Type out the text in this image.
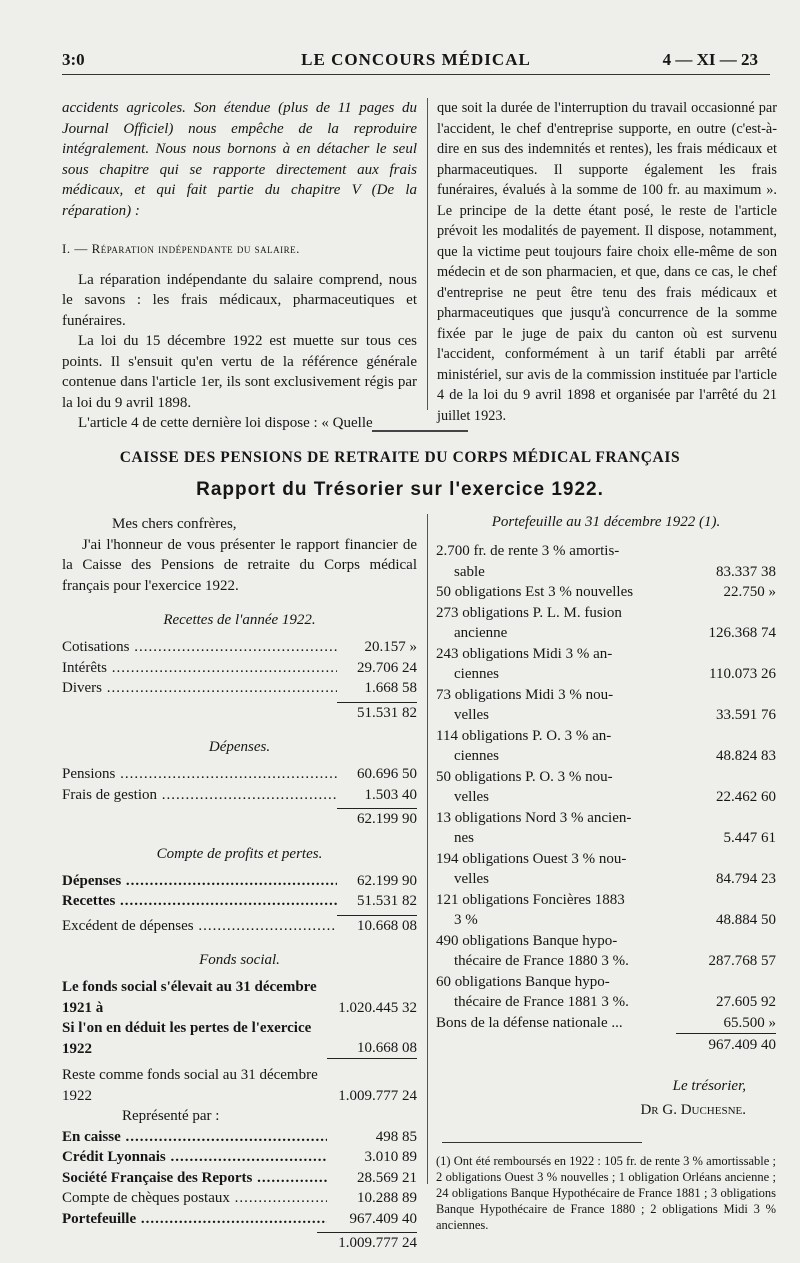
3:0	LE CONCOURS MÉDICAL	4 — XI — 23

accidents agricoles. Son étendue (plus de 11 pages du Journal Officiel) nous empêche de la reproduire intégralement. Nous nous bornons à en détacher le seul sous chapitre qui se rapporte directement aux frais médicaux, et qui fait partie du chapitre V (De la réparation) :

I. — Réparation indépendante du salaire.

La réparation indépendante du salaire comprend, nous le savons : les frais médicaux, pharmaceutiques et funéraires.

La loi du 15 décembre 1922 est muette sur tous ces points. Il s'ensuit qu'en vertu de la référence générale contenue dans l'article 1er, ils sont exclusivement régis par la loi du 9 avril 1898.

L'article 4 de cette dernière loi dispose : « Quelle

que soit la durée de l'interruption du travail occasionné par l'accident, le chef d'entreprise supporte, en outre (c'est-à-dire en sus des indemnités et rentes), les frais médicaux et pharmaceutiques. Il supporte également les frais funéraires, évalués à la somme de 100 fr. au maximum ». Le principe de la dette étant posé, le reste de l'article prévoit les modalités de payement. Il dispose, notamment, que la victime peut toujours faire choix elle-même de son médecin et de son pharmacien, et que, dans ce cas, le chef d'entreprise ne peut être tenu des frais médicaux et pharmaceutiques que jusqu'à concurrence de la somme fixée par le juge de paix du canton où est survenu l'accident, conformément à un tarif établi par arrêté ministériel, sur avis de la commission instituée par l'article 4 de la loi du 9 avril 1898 et organisée par l'arrêté du 21 juillet 1923.

CAISSE DES PENSIONS DE RETRAITE DU CORPS MÉDICAL FRANÇAIS
Rapport du Trésorier sur l'exercice 1922.

Mes chers confrères,

J'ai l'honneur de vous présenter le rapport financier de la Caisse des Pensions de retraite du Corps médical français pour l'exercice 1922.

Recettes de l'année 1922.
Cotisations .....	20.157 »
Intérêts .....	29.706 24
Divers .....	1.668 58
51.531 82
Dépenses.
Pensions .....	60.696 50
Frais de gestion .....	1.503 40
62.199 90
Compte de profits et pertes.
Dépenses .....	62.199 90
Recettes .....	51.531 82
Excédent de dépenses .....	10.668 08
Fonds social.
Le fonds social s'élevait au 31 décembre 1921 à	1.020.445 32
Si l'on en déduit les pertes de l'exercice 1922	10.668 08
Reste comme fonds social au 31 décembre 1922	1.009.777 24
Représenté par :
En caisse .....	498 85
Crédit Lyonnais .....	3.010 89
Société Française des Reports .....	28.569 21
Compte de chèques postaux .....	10.288 89
Portefeuille .....	967.409 40
1.009.777 24
Portefeuille au 31 décembre 1922 (1).
2.700 fr. de rente 3 % amortis-
sable	83.337 38
50 obligations Est 3 % nouvelles	22.750 »
273 obligations P. L. M. fusion
ancienne	126.368 74
243 obligations Midi 3 % an-
ciennes	110.073 26
73 obligations Midi 3 % nou-
velles	33.591 76
114 obligations P. O. 3 % an-
ciennes	48.824 83
50 obligations P. O. 3 % nou-
velles	22.462 60
13 obligations Nord 3 % ancien-
nes	5.447 61
194 obligations Ouest 3 % nou-
velles	84.794 23
121 obligations Foncières 1883
3 %	48.884 50
490 obligations Banque hypo-
thécaire de France 1880 3 %.	287.768 57
60 obligations Banque hypo-
thécaire de France 1881 3 %.	27.605 92
Bons de la défense nationale ...	65.500 »
967.409 40
Le trésorier,
Dr G. Duchesne.
(1) Ont été remboursés en 1922 : 105 fr. de rente 3 % amortissable ; 2 obligations Ouest 3 % nouvelles ; 1 obligation Orléans ancienne ; 24 obligations Banque Hypothécaire de France 1881 ; 3 obligations Banque Hypothécaire de France 1880 ; 2 obligations Midi 3 % anciennes.
